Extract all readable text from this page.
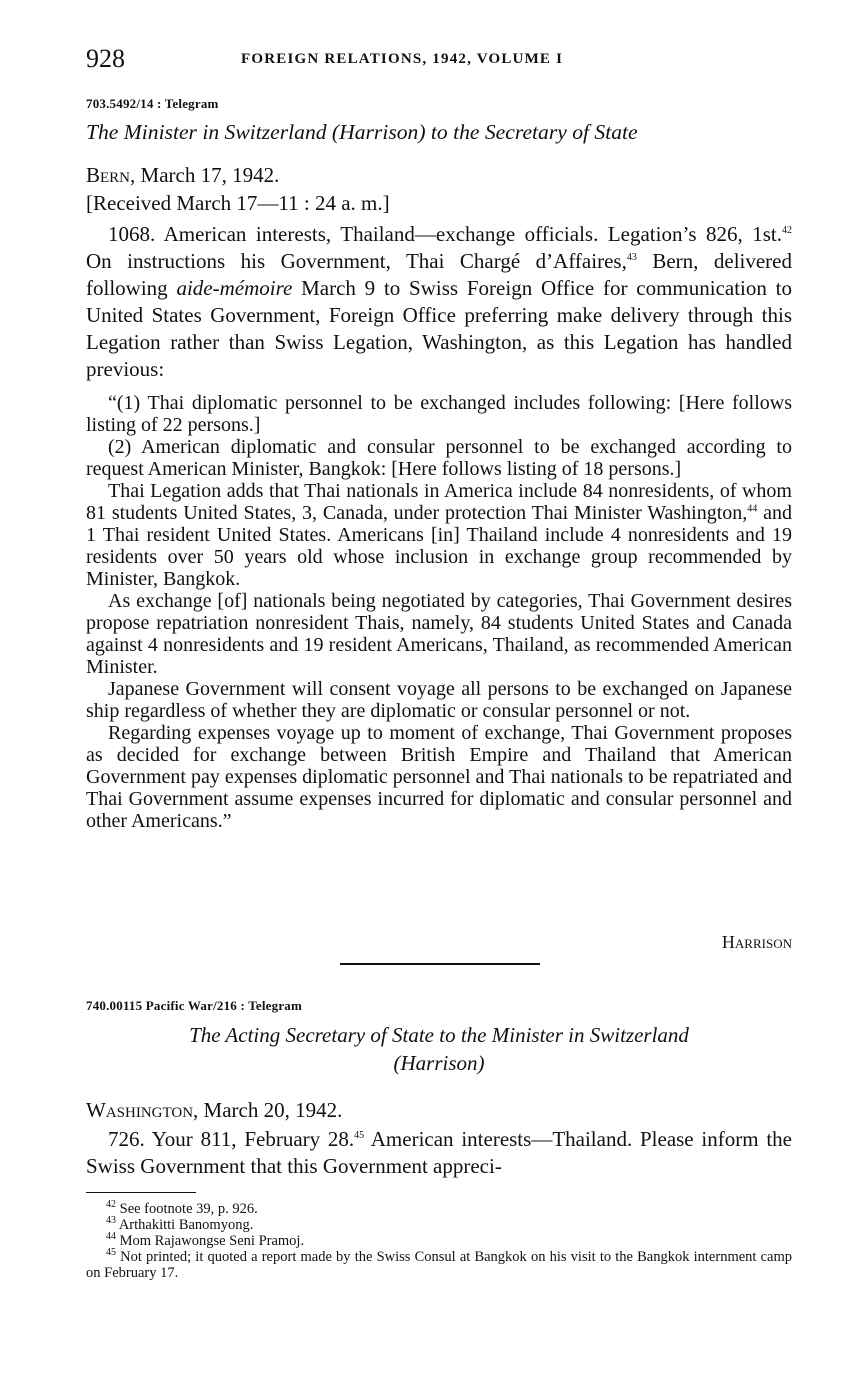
928	FOREIGN RELATIONS, 1942, VOLUME I
703.5492/14 : Telegram
The Minister in Switzerland (Harrison) to the Secretary of State
Bern, March 17, 1942.
[Received March 17—11 : 24 a. m.]

1068. American interests, Thailand—exchange officials. Legation’s 826, 1st.$^{42}$ On instructions his Government, Thai Chargé d’Affaires,$^{43}$ Bern, delivered following aide-mémoire March 9 to Swiss Foreign Office for communication to United States Government, Foreign Office preferring make delivery through this Legation rather than Swiss Legation, Washington, as this Legation has handled previous:

“(1) Thai diplomatic personnel to be exchanged includes following: [Here follows listing of 22 persons.]

(2) American diplomatic and consular personnel to be exchanged according to request American Minister, Bangkok: [Here follows listing of 18 persons.]

Thai Legation adds that Thai nationals in America include 84 nonresidents, of whom 81 students United States, 3, Canada, under protection Thai Minister Washington,$^{44}$ and 1 Thai resident United States. Americans [in] Thailand include 4 nonresidents and 19 residents over 50 years old whose inclusion in exchange group recommended by Minister, Bangkok.

As exchange [of] nationals being negotiated by categories, Thai Government desires propose repatriation nonresident Thais, namely, 84 students United States and Canada against 4 nonresidents and 19 resident Americans, Thailand, as recommended American Minister.

Japanese Government will consent voyage all persons to be exchanged on Japanese ship regardless of whether they are diplomatic or consular personnel or not.

Regarding expenses voyage up to moment of exchange, Thai Government proposes as decided for exchange between British Empire and Thailand that American Government pay expenses diplomatic personnel and Thai nationals to be repatriated and Thai Government assume expenses incurred for diplomatic and consular personnel and other Americans.”

Harrison
740.00115 Pacific War/216 : Telegram
The Acting Secretary of State to the Minister in Switzerland
(Harrison)
Washington, March 20, 1942.

726. Your 811, February 28.45 American interests—Thailand. Please inform the Swiss Government that this Government appreci-

$^{42}$ See footnote 39, p. 926.
$^{43}$ Arthakitti Banomyong.
$^{44}$ Mom Rajawongse Seni Pramoj.
$^{45}$ Not printed; it quoted a report made by the Swiss Consul at Bangkok on his visit to the Bangkok internment camp on February 17.
